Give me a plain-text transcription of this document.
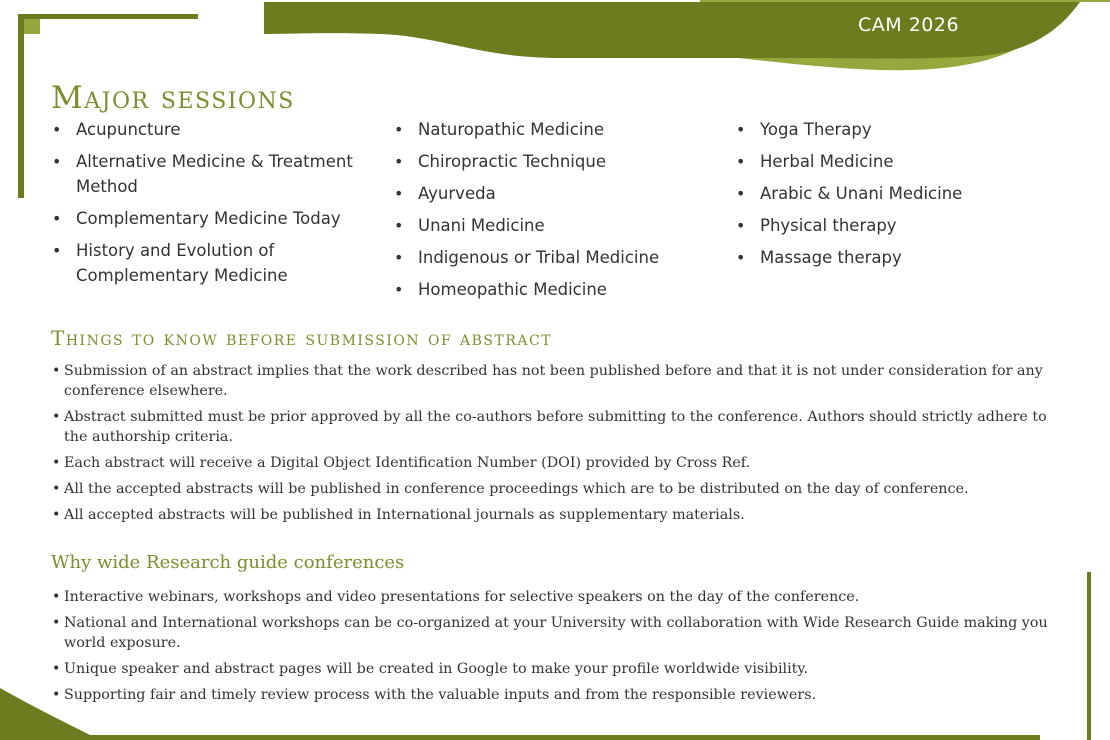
CAM 2026
Major sessions
• Acupuncture
• Alternative Medicine & Treatment Method
• Complementary Medicine Today
• History and Evolution of Complementary Medicine
• Naturopathic Medicine
• Chiropractic Technique
• Ayurveda
• Unani Medicine
• Indigenous or Tribal Medicine
• Homeopathic Medicine
• Yoga Therapy
• Herbal Medicine
• Arabic & Unani Medicine
• Physical therapy
• Massage therapy
Things to know before submission of abstract
• Submission of an abstract implies that the work described has not been published before and that it is not under consideration for any conference elsewhere.
• Abstract submitted must be prior approved by all the co-authors before submitting to the conference. Authors should strictly adhere to the authorship criteria.
• Each abstract will receive a Digital Object Identification Number (DOI) provided by Cross Ref.
• All the accepted abstracts will be published in conference proceedings which are to be distributed on the day of conference.
• All accepted abstracts will be published in International journals as supplementary materials.
Why wide Research guide conferences
• Interactive webinars, workshops and video presentations for selective speakers on the day of the conference.
• National and International workshops can be co-organized at your University with collaboration with Wide Research Guide making you world exposure.
• Unique speaker and abstract pages will be created in Google to make your profile worldwide visibility.
• Supporting fair and timely review process with the valuable inputs and from the responsible reviewers.
